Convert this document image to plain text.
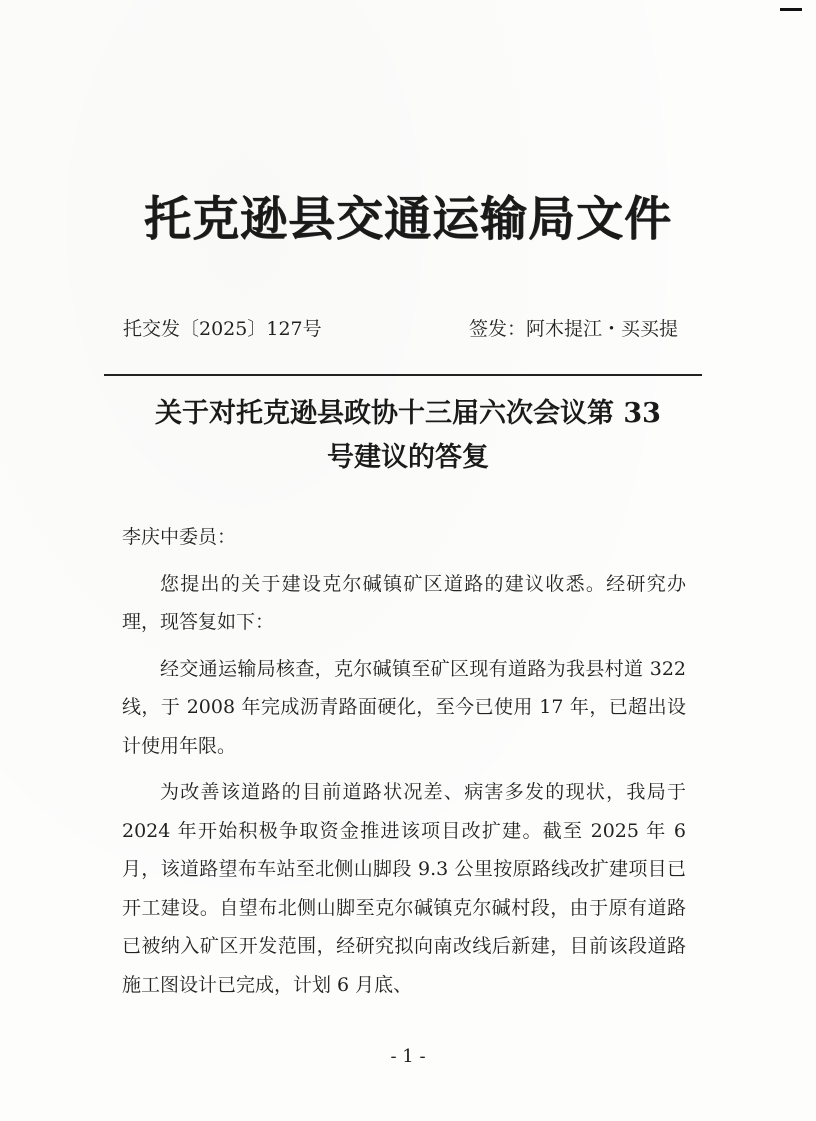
托克逊县交通运输局文件
托交发〔2025〕127号	签发：阿木提江・买买提
关于对托克逊县政协十三届六次会议第 33
号建议的答复

李庆中委员：

您提出的关于建设克尔碱镇矿区道路的建议收悉。经研究办理，现答复如下：

经交通运输局核查，克尔碱镇至矿区现有道路为我县村道 322 线，于 2008 年完成沥青路面硬化，至今已使用 17 年，已超出设计使用年限。

为改善该道路的目前道路状况差、病害多发的现状，我局于 2024 年开始积极争取资金推进该项目改扩建。截至 2025 年 6 月，该道路望布车站至北侧山脚段 9.3 公里按原路线改扩建项目已开工建设。自望布北侧山脚至克尔碱镇克尔碱村段，由于原有道路已被纳入矿区开发范围，经研究拟向南改线后新建，目前该段道路施工图设计已完成，计划 6 月底、

- 1 -
